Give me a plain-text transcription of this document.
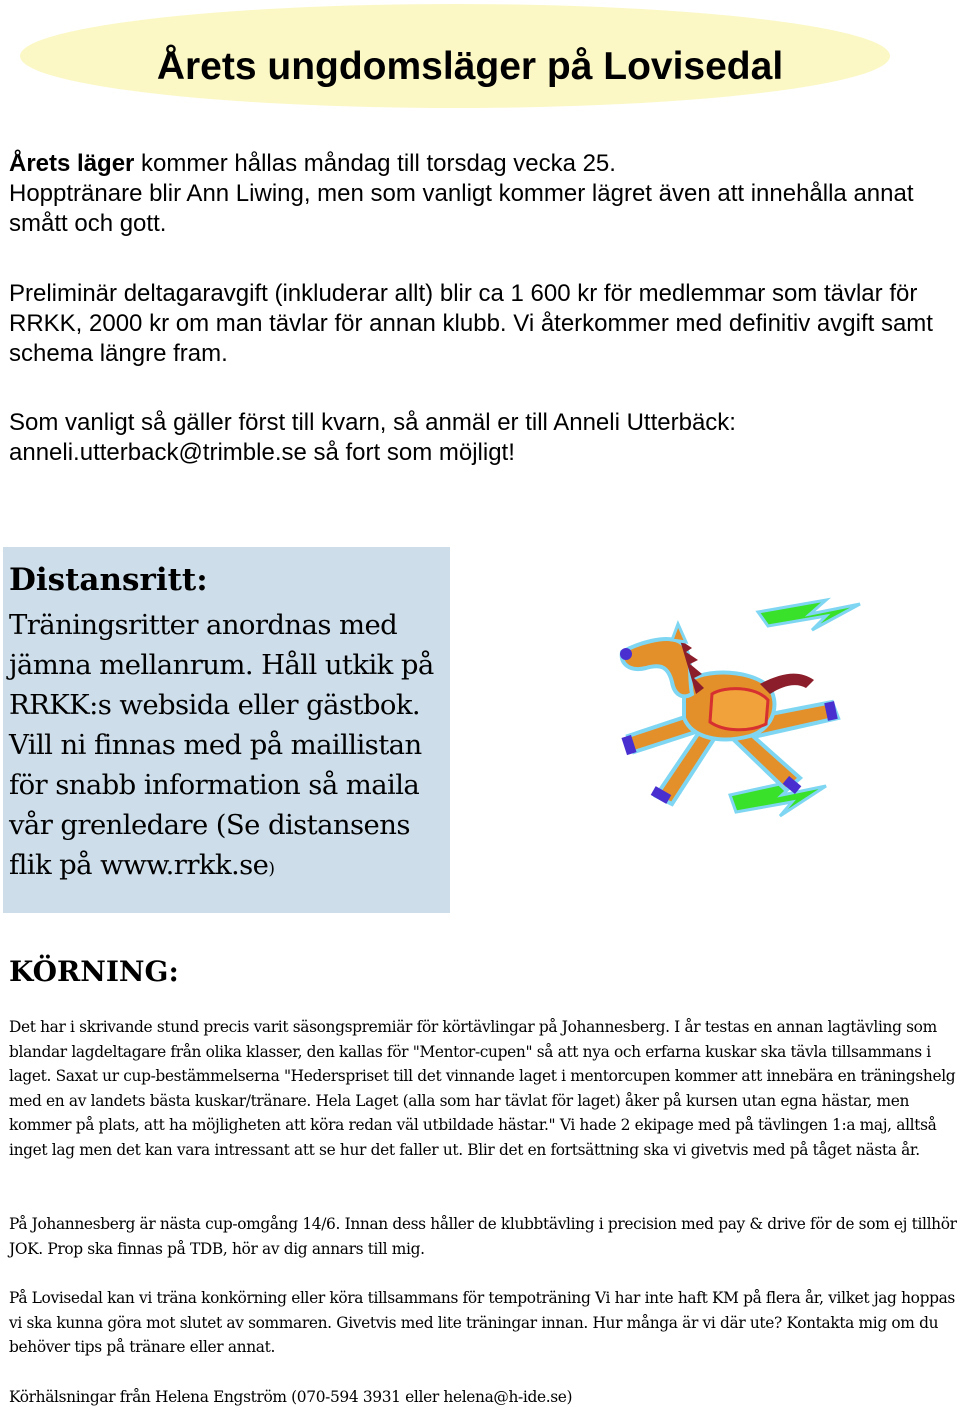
Årets ungdomsläger på Lovisedal

Årets läger kommer hållas måndag till torsdag vecka 25.
Hopptränare blir Ann Liwing, men som vanligt kommer lägret även att innehålla annat smått och gott.

Preliminär deltagaravgift (inkluderar allt) blir ca 1 600 kr för medlemmar som tävlar för RRKK, 2000 kr om man tävlar för annan klubb. Vi återkommer med definitiv avgift samt schema längre fram.

Som vanligt så gäller först till kvarn, så anmäl er till Anneli Utterbäck: anneli.utterback@trimble.se så fort som möjligt!

Distansritt:

Träningsritter anordnas med jämna mellanrum. Håll utkik på RRKK:s websida eller gästbok. Vill ni finnas med på maillistan för snabb information så maila vår grenledare (Se distansens flik på www.rrkk.se)

KÖRNING:

Det har i skrivande stund precis varit säsongspremiär för körtävlingar på Johannesberg. I år testas en annan lagtävling som blandar lagdeltagare från olika klasser, den kallas för "Mentor-cupen" så att nya och erfarna kuskar ska tävla tillsammans i laget. Saxat ur cup-bestämmelserna "Hederspriset till det vinnande laget i mentorcupen kommer att innebära en träningshelg med en av landets bästa kuskar/tränare. Hela Laget (alla som har tävlat för laget) åker på kursen utan egna hästar, men kommer på plats, att ha möjligheten att köra redan väl utbildade hästar." Vi hade 2 ekipage med på tävlingen 1:a maj, alltså inget lag men det kan vara intressant att se hur det faller ut. Blir det en fortsättning ska vi givetvis med på tåget nästa år.

På Johannesberg är nästa cup-omgång 14/6. Innan dess håller de klubbtävling i precision med pay & drive för de som ej tillhör JOK. Prop ska finnas på TDB, hör av dig annars till mig.

På Lovisedal kan vi träna konkörning eller köra tillsammans för tempoträning Vi har inte haft KM på flera år, vilket jag hoppas vi ska kunna göra mot slutet av sommaren. Givetvis med lite träningar innan. Hur många är vi där ute? Kontakta mig om du behöver tips på tränare eller annat.

Körhälsningar från Helena Engström (070-594 3931 eller helena@h-ide.se)
